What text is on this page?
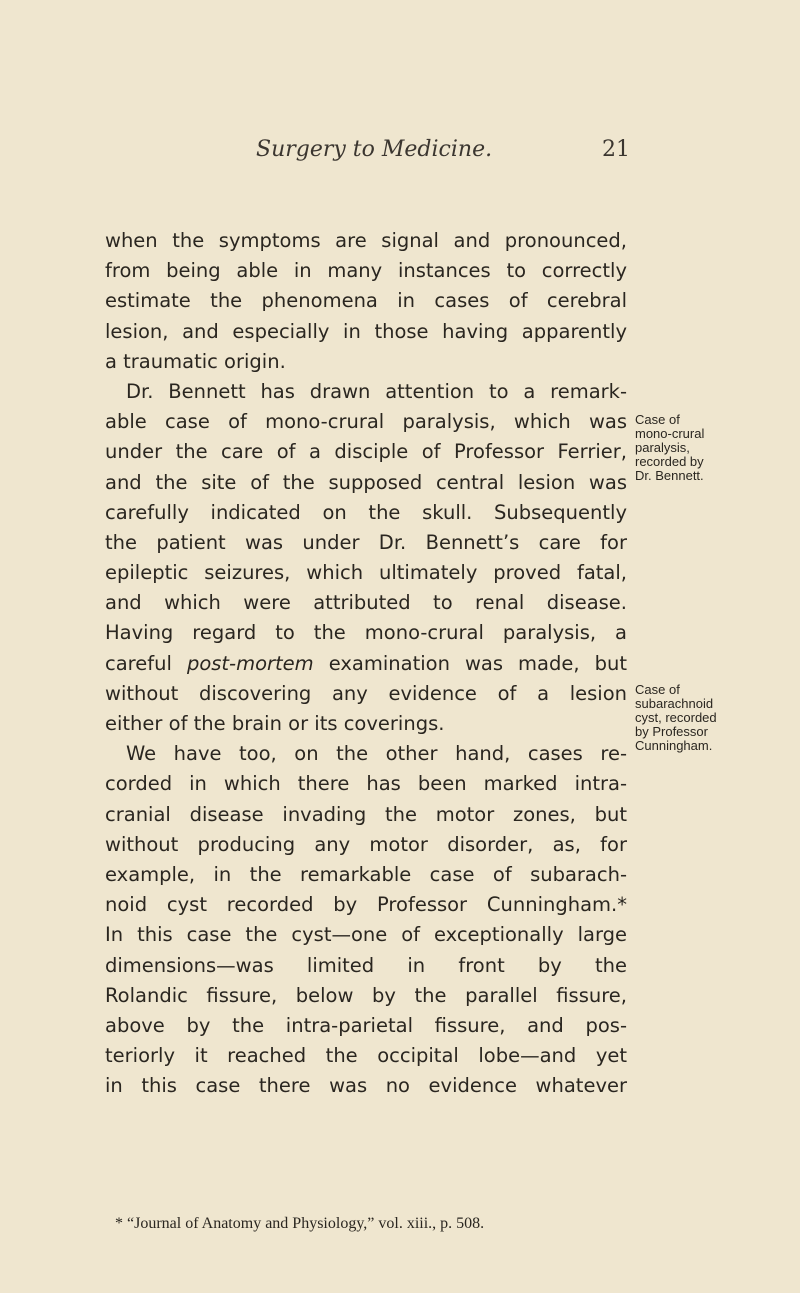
Surgery to Medicine.	21
when the symptoms are signal and pronounced,
from being able in many instances to correctly
estimate the phenomena in cases of cerebral
lesion, and especially in those having apparently
a traumatic origin.
Dr. Bennett has drawn attention to a remark-
able case of mono-crural paralysis, which was
under the care of a disciple of Professor Ferrier,
and the site of the supposed central lesion was
carefully indicated on the skull. Subsequently
the patient was under Dr. Bennett’s care for
epileptic seizures, which ultimately proved fatal,
and which were attributed to renal disease.
Having regard to the mono-crural paralysis, a
careful post-mortem examination was made, but
without discovering any evidence of a lesion
either of the brain or its coverings.
We have too, on the other hand, cases re-
corded in which there has been marked intra-
cranial disease invading the motor zones, but
without producing any motor disorder, as, for
example, in the remarkable case of subarach-
noid cyst recorded by Professor Cunningham.*
In this case the cyst—one of exceptionally large
dimensions—was limited in front by the
Rolandic fissure, below by the parallel fissure,
above by the intra-parietal fissure, and pos-
teriorly it reached the occipital lobe—and yet
in this case there was no evidence whatever
Case of
mono-crural
paralysis,
recorded by
Dr. Bennett.
Case of
subarachnoid
cyst, recorded
by Professor
Cunningham.
* “Journal of Anatomy and Physiology,” vol. xiii., p. 508.
